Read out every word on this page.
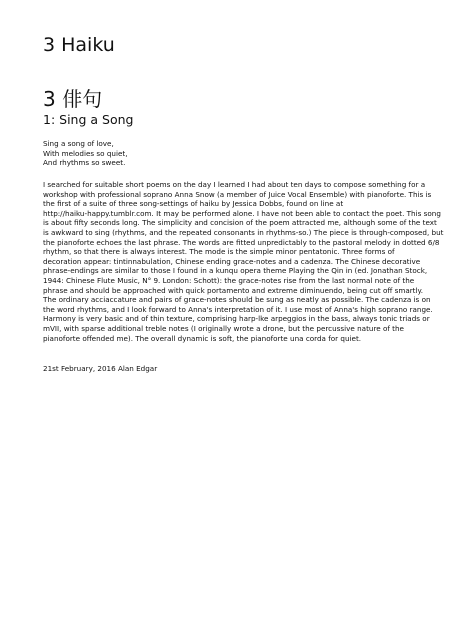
3 Haiku
3 俳句
1: Sing a Song
Sing a song of love,
With melodies so quiet,
And rhythms so sweet.
I searched for suitable short poems on the day I learned I had about ten days to compose something for a
workshop with professional soprano Anna Snow (a member of Juice Vocal Ensemble) with pianoforte. This is
the first of a suite of three song-settings of haiku by Jessica Dobbs, found on line at
http://haiku-happy.tumblr.com. It may be performed alone. I have not been able to contact the poet. This song
is about fifty seconds long. The simplicity and concision of the poem attracted me, although some of the text
is awkward to sing (rhythms, and the repeated consonants in rhythms-so.) The piece is through-composed, but
the pianoforte echoes the last phrase. The words are fitted unpredictably to the pastoral melody in dotted 6/8
rhythm, so that there is always interest. The mode is the simple minor pentatonic. Three forms of
decoration appear: tintinnabulation, Chinese ending grace-notes and a cadenza. The Chinese decorative
phrase-endings are similar to those I found in a kunqu opera theme Playing the Qin in (ed. Jonathan Stock,
1944: Chinese Flute Music, N° 9. London: Schott): the grace-notes rise from the last normal note of the
phrase and should be approached with quick portamento and extreme diminuendo, being cut off smartly.
The ordinary acciaccature and pairs of grace-notes should be sung as neatly as possible. The cadenza is on
the word rhythms, and I look forward to Anna's interpretation of it. I use most of Anna's high soprano range.
Harmony is very basic and of thin texture, comprising harp-lke arpeggios in the bass, always tonic triads or
mVII, with sparse additional treble notes (I originally wrote a drone, but the percussive nature of the
pianoforte offended me). The overall dynamic is soft, the pianoforte una corda for quiet.
21st February, 2016 Alan Edgar
